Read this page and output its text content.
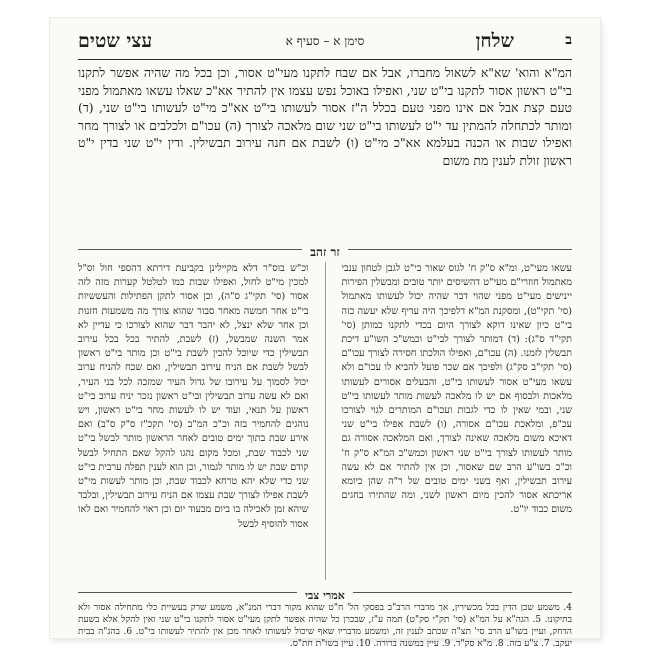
ב
שלחן
סימן א – סעיף א
עצי שטים

המ"א והוא' שא"א לשאול מחברו, אבל אם שבח לתקנו מעי"ט אסור, וכן בכל מה שהיה אפשר לתקנו בי"ט ראשון אסור לתקנו בי"ט שני, ואפילו באוכל נפש עצמו אין להתיר אא"כ שאלו עשאו מאתמול מפני טעם קצת אבל אם אינו מפני טעם בכלל ה"ז אסור לעשותו בי"ט אא"כ מי"ט לעשותו בי"ט שני, (ד) ומותר לכתחלה להמתין עד י"ט לעשותו בי"ט שני שום מלאכה לצורך (ה) עכו"ם ולכלבים או לצורך מחר ואפילו שבות או הכנה בעלמא אא"כ מי"ט (ו) לשבת אם חנה עירוב תבשילין. ודין י"ט שני בדין י"ט ראשון זולת לענין מת משום

זר זהב

עשאו מעי"ט, ומ"א ס"ק ח' לגוס שאור בי"ט לגבן לטחון ענבי מאתמול חוזרי"ם מעי"ט דהשיסים יותר טובים ומבשלין הפירות יינישים מעי"ט מפני שהוי דבר שהיה יכול לעשותו מאתמול (סי' תקי"ט), ומסקנת המ"א דלפיכך היה עדיף שלא יעשה כזה בי"ט כיון שאינו דוקא לצורך היום בכדי לתקנו כמותן (סי' תקי"ד ס"ג): (ד) דמותר לצורך לבי"ט וכמש"כ השו"ע דיכת תבשלין לזמנו. (ה) עכו"ם, ואפילו הולכתו חסירה לצורך עכו"ם (סי' תקי"ב סק"ג) ולפיכך אם שכר פועל להביא לו עכו"ם ולא עשאו מעי"ט אסור לעשותו בי"ט, והבעלים אסורים לעשותו מלאכות ולבסוף אם יש לו מלאכה לעשות מותר לעשותו בי"ט שני, ובמי שאין לו כדי לגבות ועכו"ם המותרים לגוי לצורכו עכ"פ, ומלאכת עכו"ם אסורה, (ו) לשבת אפילו בי"ט שני דאיכא משום מלאכה שאינה לצורך, ואם המלאכה אסורה גם מותר לעשותו לצורך בי"ט שני ראשון וכמש"כ המ"א ס"ק ח' וכ"כ בשו"ע הרב שם שאסור, וכן אין להתיר אם לא עשה עירוב תבשילין, ואף בשני ימים טובים של ר"ה שהן כיומא אריכתא אסור להכין מיום ראשון לשני, ומה שהתירו בחגים משום כבוד יו"ט.

וכ"ש בוס"ר דלא מקיילינן בקביעת דירתא דהספי חול וס"ל למכין מי"ט לחול, ואפילו שבות כמו לטלטל קערות מזה לזה אסור (סי' תקי"ג ס"ה), וכן אסור לתקן הפתילות והעששיות בי"ט אחר חמשה מאחר סבור שהוא צורך מה משמעות חזנות וכן אחר שלא ינצל, לא יהבר דבר שהוא לצורכו כי עדיין לא אמר השנה שמבשל, (ז) לשבת, להתיר בכל בכל עירוב תבשילין כדי שיוכל להכין לשבת בי"ט וכן מותר בי"ט ראשון לבשל לשבת אם הניח עירוב תבשילין, ואם שכח להניח ערוב יכול לסמוך על עירובו של גדול העיר שמזכה לכל בני העיר, ואם לא עשה ערוב תבשילין ובי"ט ראשון נזכר יניח ערוב בי"ט ראשון על תנאי, ועוד יש לו לעשות מחר בי"ט ראשון, ויש נוהגים להחמיר בזה וכ"כ המ"ב (סי' תקכ"ז ס"ק ס"ב) ואם אירע שבת בתוך ימים טובים לאחר הראשון מותר לבשל בי"ט שני לכבוד שבת, ומכל מקום נהגו להקל שאם התחיל לבשל קודם שבת יש לו מותר לגמור, וכן הוא לענין תפלה ערבית בי"ט שני כדי שלא יהא טרחא לכבוד שבת, וכן מותר לעשות מי"ט לשבת אפילו לצורך שבת עצמו אם הניח עירוב תבשילין, ובלבד שיהא זמן לאכילה בו ביום מבעוד יום וכן ראוי להחמיר ואם לאו אסור להוסיף לבשל

אמרי צבי

4. משמע שכן הדין בכל מכשירין, אך מדברי הרב"ב בפסקי הל' ח"ט שהוא מקור דברי המנ"א, משמע שרק בעשיית כלי מתחילה אסור ולא בתיקונו. 5. הגה"א על המ"א (סי' תק"י סק"ט) תמה ע"ז, שבכרן כל שהיה אפשר לתקן מעי"ט אסור לתקנו בי"ט שני ואין להקל אלא בשעת הדחק, ועיין בשו"ע הרב סי' תצ"ה שכתב לענין זה, ומשמע מדבריו שאף שיכול לעשותו לאחר מכן אין להתיר לעשותו בי"ט. 6. בהג"ה בבית יעקב. 7. צ"ע בזה. 8. מ"א סק"ד. 9. עיין במשנה ברורה. 10. עיין בשו"ת חת"ס.
